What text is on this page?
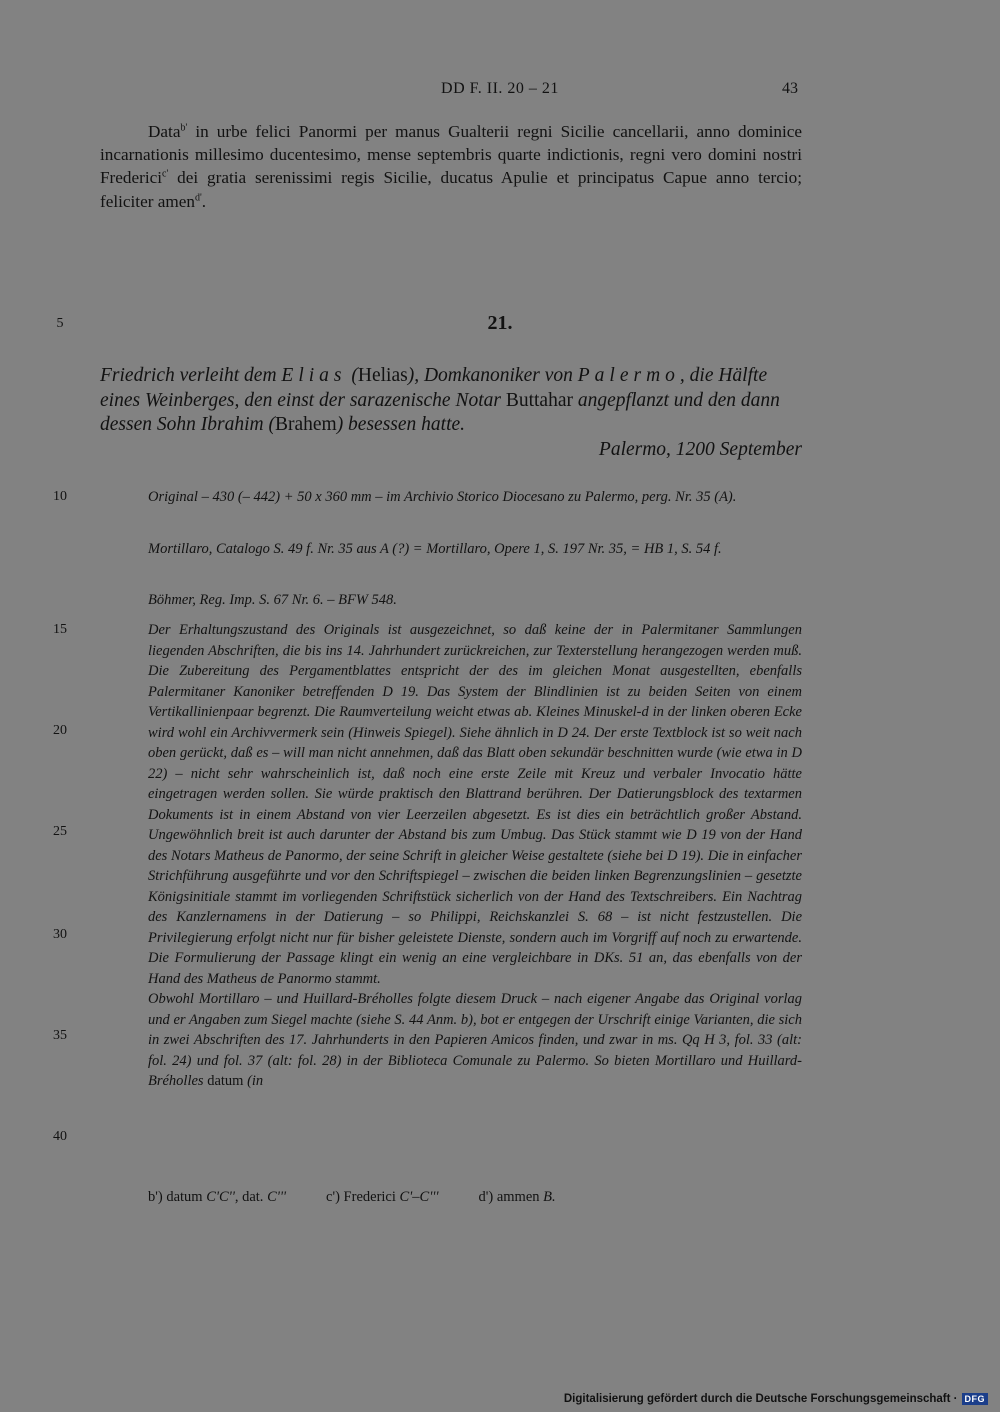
DD F. II. 20 – 21	43
Data$^{b'}$ in urbe felici Panormi per manus Gualterii regni Sicilie cancellarii, anno dominice incarnationis millesimo ducentesimo, mense septembris quarte indictionis, regni vero domini nostri Frederici$^{c'}$ dei gratia serenissimi regis Sicilie, ducatus Apulie et principatus Capue anno tercio; feliciter amen$^{d'}$.
5	21.
Friedrich verleiht dem Elias (Helias), Domkanoniker von Palermo, die Hälfte eines Weinberges, den einst der sarazenische Notar Buttahar angepflanzt und den dann dessen Sohn Ibrahim (Brahem) besessen hatte.
Palermo, 1200 September
10
15
20
25
30
35
40
Original – 430 (– 442) + 50 x 360 mm – im Archivio Storico Diocesano zu Palermo, perg. Nr. 35 (A).
Mortillaro, Catalogo S. 49 f. Nr. 35 aus A (?) = Mortillaro, Opere 1, S. 197 Nr. 35, = HB 1, S. 54 f.
Böhmer, Reg. Imp. S. 67 Nr. 6. – BFW 548.
Der Erhaltungszustand des Originals ist ausgezeichnet, so daß keine der in Palermitaner Sammlungen liegenden Abschriften, die bis ins 14. Jahrhundert zurückreichen, zur Texterstellung herangezogen werden muß. Die Zubereitung des Pergamentblattes entspricht der des im gleichen Monat ausgestellten, ebenfalls Palermitaner Kanoniker betreffenden D 19. Das System der Blindlinien ist zu beiden Seiten von einem Vertikallinienpaar begrenzt. Die Raumverteilung weicht etwas ab. Kleines Minuskel-d in der linken oberen Ecke wird wohl ein Archivvermerk sein (Hinweis Spiegel). Siehe ähnlich in D 24. Der erste Textblock ist so weit nach oben gerückt, daß es – will man nicht annehmen, daß das Blatt oben sekundär beschnitten wurde (wie etwa in D 22) – nicht sehr wahrscheinlich ist, daß noch eine erste Zeile mit Kreuz und verbaler Invocatio hätte eingetragen werden sollen. Sie würde praktisch den Blattrand berühren. Der Datierungsblock des textarmen Dokuments ist in einem Abstand von vier Leerzeilen abgesetzt. Es ist dies ein beträchtlich großer Abstand. Ungewöhnlich breit ist auch darunter der Abstand bis zum Umbug. Das Stück stammt wie D 19 von der Hand des Notars Matheus de Panormo, der seine Schrift in gleicher Weise gestaltete (siehe bei D 19). Die in einfacher Strichführung ausgeführte und vor den Schriftspiegel – zwischen die beiden linken Begrenzungslinien – gesetzte Königsinitiale stammt im vorliegenden Schriftstück sicherlich von der Hand des Textschreibers. Ein Nachtrag des Kanzlernamens in der Datierung – so Philippi, Reichskanzlei S. 68 – ist nicht festzustellen. Die Privilegierung erfolgt nicht nur für bisher geleistete Dienste, sondern auch im Vorgriff auf noch zu erwartende. Die Formulierung der Passage klingt ein wenig an eine vergleichbare in DKs. 51 an, das ebenfalls von der Hand des Matheus de Panormo stammt.
Obwohl Mortillaro – und Huillard-Bréholles folgte diesem Druck – nach eigener Angabe das Original vorlag und er Angaben zum Siegel machte (siehe S. 44 Anm. b), bot er entgegen der Urschrift einige Varianten, die sich in zwei Abschriften des 17. Jahrhunderts in den Papieren Amicos finden, und zwar in ms. Qq H 3, fol. 33 (alt: fol. 24) und fol. 37 (alt: fol. 28) in der Biblioteca Comunale zu Palermo. So bieten Mortillaro und Huillard-Bréholles datum (in
b') datum C'C'', dat. C'''	c') Frederici C'–C'''	d') ammen B.
Digitalisierung gefördert durch die Deutsche Forschungsgemeinschaft · DFG
